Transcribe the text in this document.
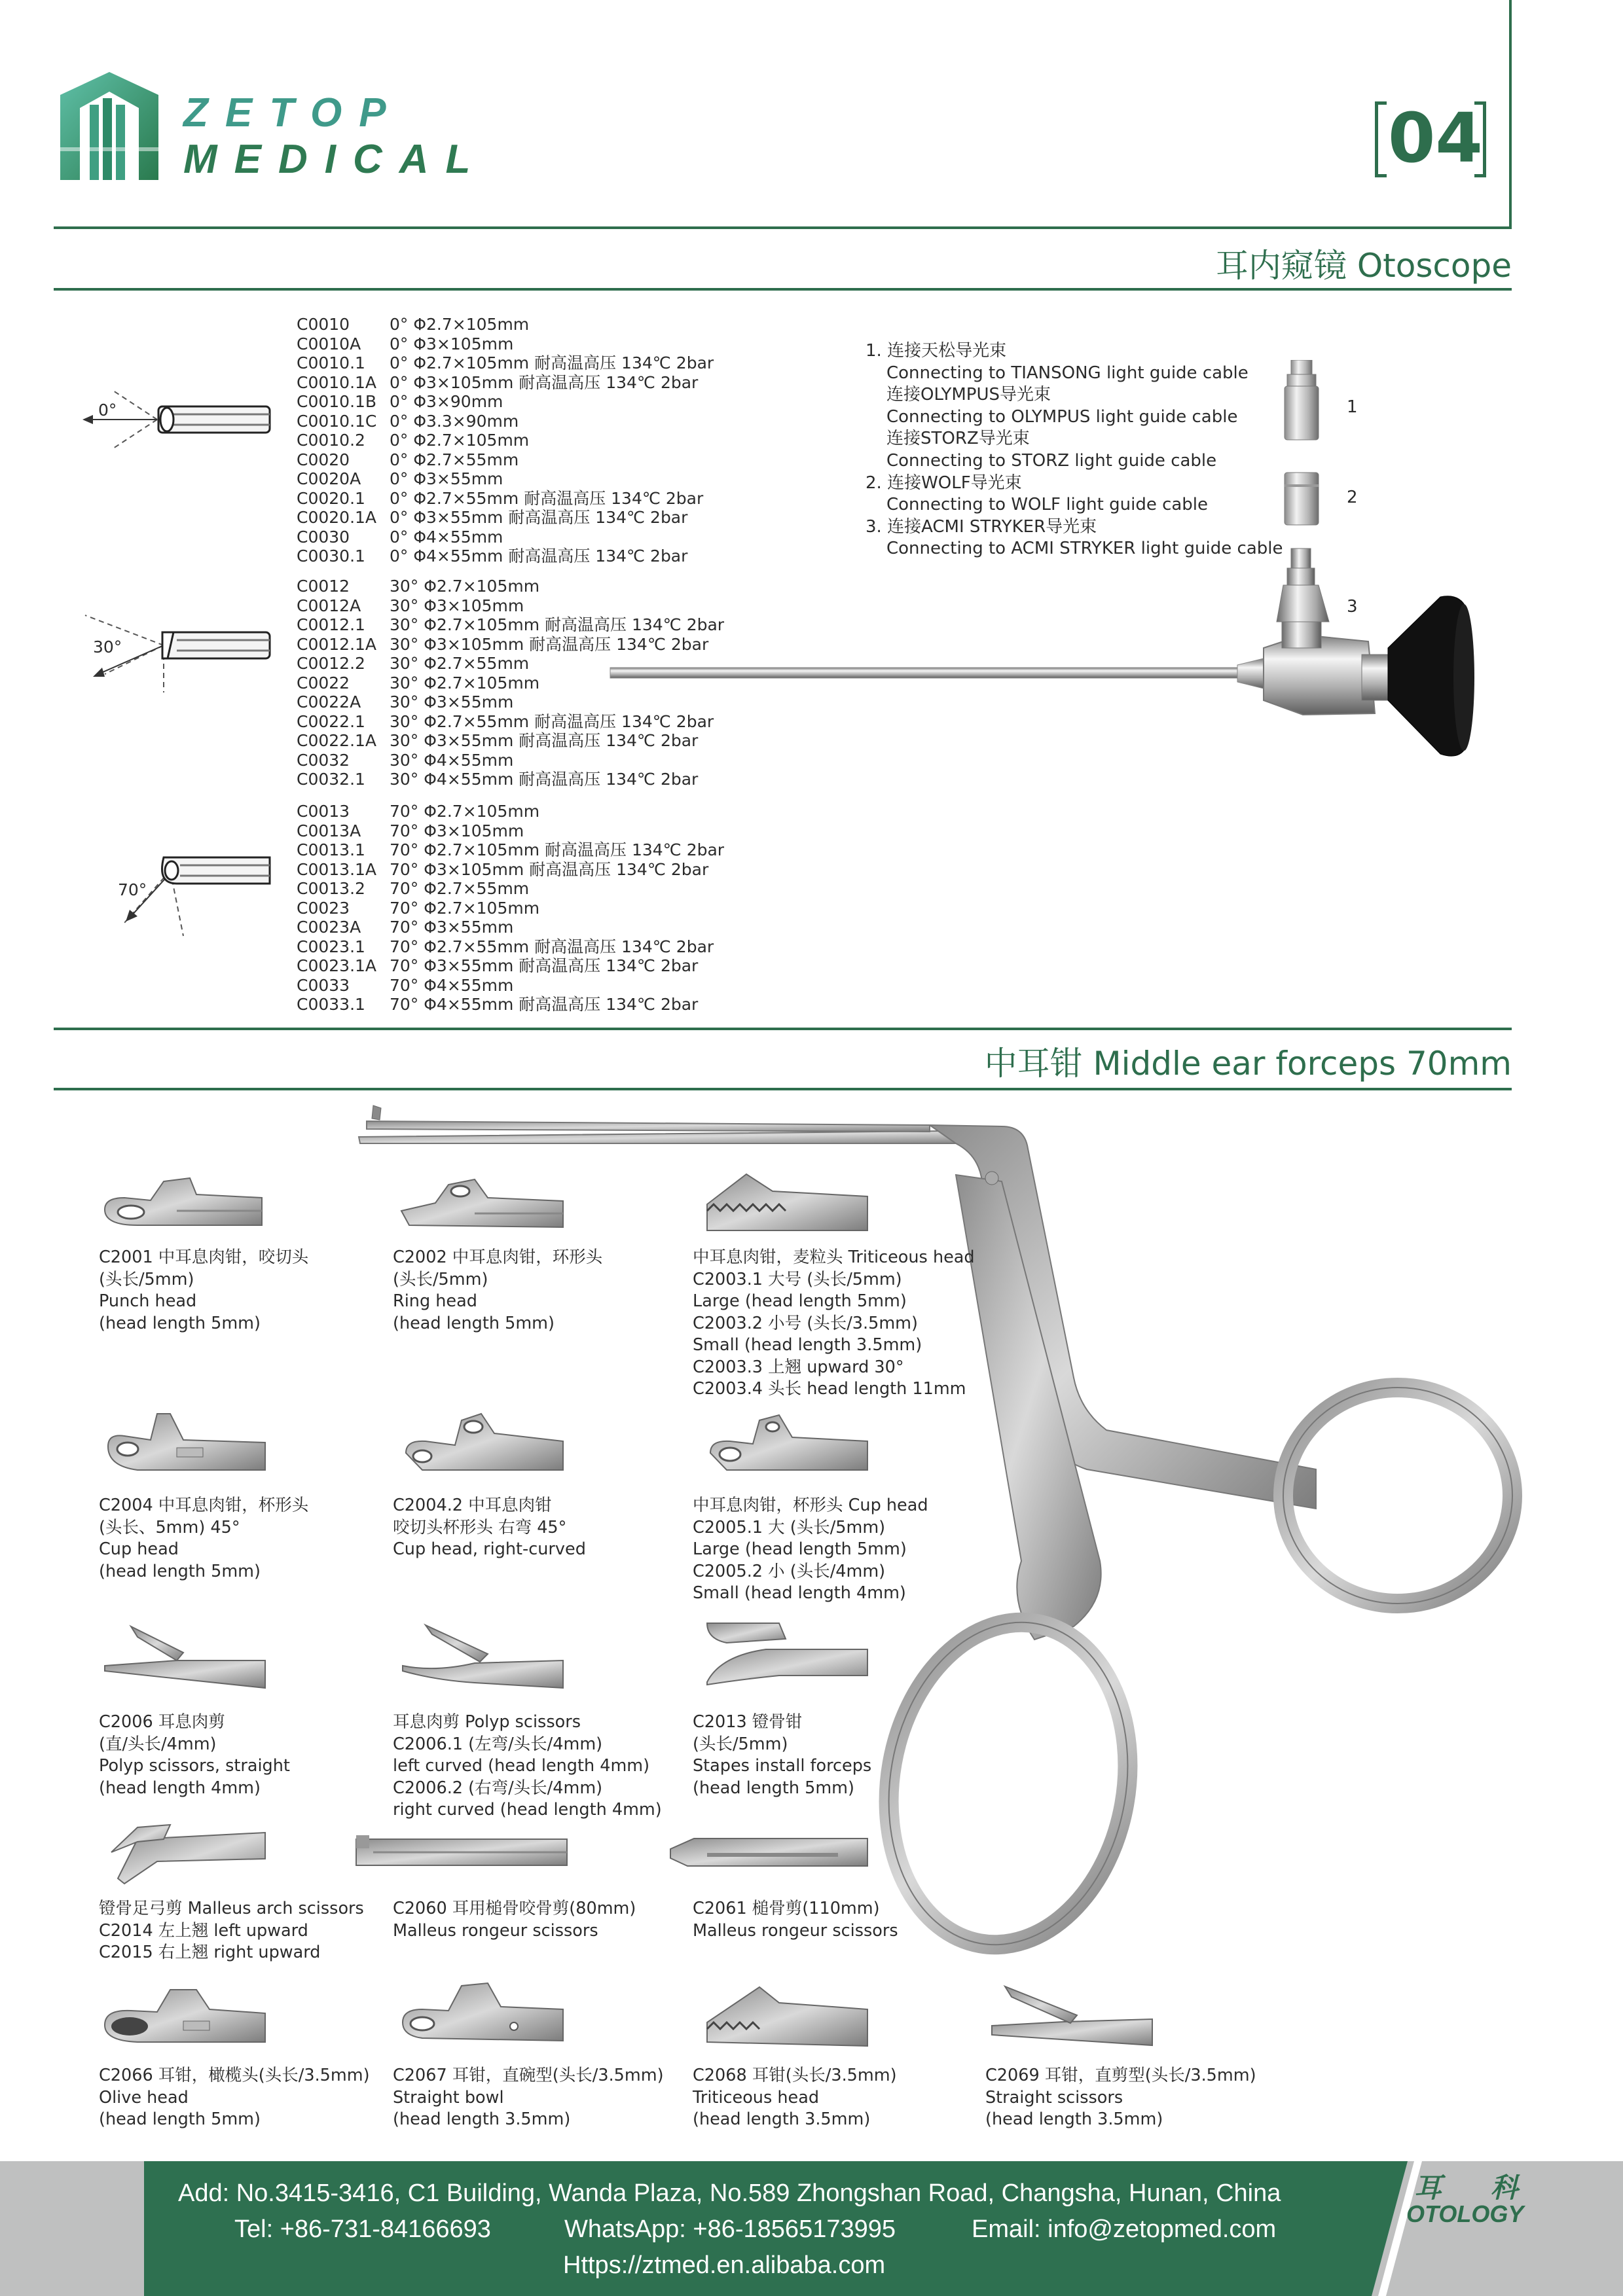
ZETOP
MEDICAL	04
耳内窥镜 Otoscope
0°
30°
70°
C0010	0° Φ2.7×105mm
C0010A	0° Φ3×105mm
C0010.1	0° Φ2.7×105mm 耐高温高压 134℃ 2bar
C0010.1A 0° Φ3×105mm 耐高温高压 134℃ 2bar
C0010.1B 0° Φ3×90mm
C0010.1C 0° Φ3.3×90mm
C0010.2	0° Φ2.7×105mm
C0020	0° Φ2.7×55mm
C0020A	0° Φ3×55mm
C0020.1	0° Φ2.7×55mm 耐高温高压 134℃ 2bar
C0020.1A 0° Φ3×55mm 耐高温高压 134℃ 2bar
C0030	0° Φ4×55mm
C0030.1	0° Φ4×55mm 耐高温高压 134℃ 2bar
C0012	30° Φ2.7×105mm
C0012A	30° Φ3×105mm
C0012.1	30° Φ2.7×105mm 耐高温高压 134℃ 2bar
C0012.1A 30° Φ3×105mm 耐高温高压 134℃ 2bar
C0012.2	30° Φ2.7×55mm
C0022	30° Φ2.7×105mm
C0022A	30° Φ3×55mm
C0022.1	30° Φ2.7×55mm 耐高温高压 134℃ 2bar
C0022.1A 30° Φ3×55mm 耐高温高压 134℃ 2bar
C0032	30° Φ4×55mm
C0032.1	30° Φ4×55mm 耐高温高压 134℃ 2bar
C0013	70° Φ2.7×105mm
C0013A	70° Φ3×105mm
C0013.1	70° Φ2.7×105mm 耐高温高压 134℃ 2bar
C0013.1A 70° Φ3×105mm 耐高温高压 134℃ 2bar
C0013.2	70° Φ2.7×55mm
C0023	70° Φ2.7×105mm
C0023A	70° Φ3×55mm
C0023.1	70° Φ2.7×55mm 耐高温高压 134℃ 2bar
C0023.1A 70° Φ3×55mm 耐高温高压 134℃ 2bar
C0033	70° Φ4×55mm
C0033.1	70° Φ4×55mm 耐高温高压 134℃ 2bar
1. 连接天松导光束
Connecting to TIANSONG light guide cable
连接OLYMPUS导光束
Connecting to OLYMPUS light guide cable
连接STORZ导光束
Connecting to STORZ light guide cable
2. 连接WOLF导光束
Connecting to WOLF light guide cable
3. 连接ACMI STRYKER导光束
Connecting to ACMI STRYKER light guide cable
1
2
3
中耳钳 Middle ear forceps 70mm
C2001 中耳息肉钳，咬切头
(头长/5mm)
Punch head
(head length 5mm)
C2002 中耳息肉钳，环形头
(头长/5mm)
Ring head
(head length 5mm)
中耳息肉钳，麦粒头 Triticeous head
C2003.1 大号 (头长/5mm)
Large (head length 5mm)
C2003.2 小号 (头长/3.5mm)
Small (head length 3.5mm)
C2003.3 上翘 upward 30°
C2003.4 头长 head length 11mm
C2004 中耳息肉钳，杯形头
(头长、5mm) 45°
Cup head
(head length 5mm)
C2004.2 中耳息肉钳
咬切头杯形头 右弯 45°
Cup head, right-curved
中耳息肉钳，杯形头 Cup head
C2005.1 大 (头长/5mm)
Large (head length 5mm)
C2005.2 小 (头长/4mm)
Small (head length 4mm)
C2006 耳息肉剪
(直/头长/4mm)
Polyp scissors, straight
(head length 4mm)
耳息肉剪 Polyp scissors
C2006.1 (左弯/头长/4mm)
left curved (head length 4mm)
C2006.2 (右弯/头长/4mm)
right curved (head length 4mm)
C2013 镫骨钳
(头长/5mm)
Stapes install forceps
(head length 5mm)
镫骨足弓剪 Malleus arch scissors
C2014 左上翘 left upward
C2015 右上翘 right upward
C2060 耳用槌骨咬骨剪(80mm)
Malleus rongeur scissors
C2061 槌骨剪(110mm)
Malleus rongeur scissors
C2066 耳钳，橄榄头(头长/3.5mm)
Olive head
(head length 5mm)
C2067 耳钳，直碗型(头长/3.5mm)
Straight bowl
(head length 3.5mm)
C2068 耳钳(头长/3.5mm)
Triticeous head
(head length 3.5mm)
C2069 耳钳，直剪型(头长/3.5mm)
Straight scissors
(head length 3.5mm)
Add: No.3415-3416, C1 Building, Wanda Plaza, No.589 Zhongshan Road, Changsha, Hunan, China
Tel: +86-731-84166693	WhatsApp: +86-18565173995	Email: info@zetopmed.com
Https://ztmed.en.alibaba.com
耳 科
OTOLOGY
